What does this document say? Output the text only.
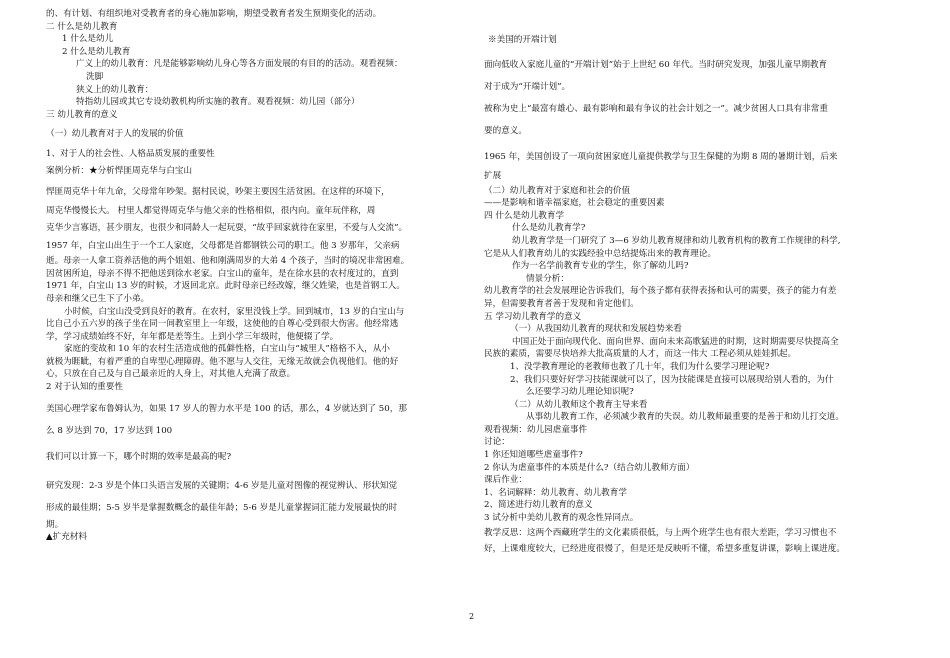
的、有计划、有组织地对受教育者的身心施加影响，期望受教育者发生预期变化的活动。
二 什么是幼儿教育
1 什么是幼儿
2 什么是幼儿教育
• 广义上的幼儿教育：凡是能够影响幼儿身心等各方面发展的有目的的活动。观看视频：
洗脚
• 狭义上的幼儿教育：
• 特指幼儿园或其它专设幼教机构所实施的教育。观看视频：幼儿园（部分）
三 幼儿教育的意义
• （一）幼儿教育对于人的发展的价值
1、对于人的社会性、人格品质发展的重要性
案例分析：★分析悍匪周克华与白宝山
• 悍匪周克华十年九命，父母常年吵架。据村民说，吵架主要因生活贫困。在这样的环境下，
周克华慢慢长大。 村里人都觉得周克华与他父亲的性格相似，很内向。童年玩伴称，周
克华少言寡语，甚少朋友，也很少和同龄人一起玩耍，“故乎回家就待在家里，不爱与人交流”。
• 1957 年，白宝山出生于一个工人家庭，父母都是首都钢铁公司的职工。他 3 岁那年，父亲病
逝。母亲一人拿工资养活他的两个姐姐、他和刚满周岁的大弟 4 个孩子，当时的境况非常困难。
因贫困所迫，母亲不得不把他送到徐水老家。白宝山的童年，是在徐水县的农村度过的，直到
1971 年，白宝山 13 岁的时候，才返回北京。此时母亲已经改嫁，继父姓梁，也是首钢工人。
母亲和继父已生下了小弟。
小时候，白宝山没受到良好的教育。在农村，家里没钱上学。回到城市，13 岁的白宝山与
比自己小五六岁的孩子坐在同一间教室里上一年级，这使他的自尊心受到很大伤害。他经常逃
学，学习成绩始终不好，年年都是差等生。上到小学三年级时，他便辍了学。
家庭的变故和 10 年的农村生活造成他的孤僻性格，白宝山与“城里人”格格不入，从小
就极为睚眦，有着严重的自卑型心理障碍。他不愿与人交往，无缘无故就会仇视他们。他的好
心，只放在自己及与自己最亲近的人身上，对其他人充满了敌意。
2 对于认知的重要性
• 美国心理学家布鲁姆认为，如果 17 岁人的智力水平是 100 的话，那么，4 岁就达到了 50，那
么 8 岁达到 70，17 岁达到 100
• 我们可以计算一下，哪个时期的效率是最高的呢?
• 研究发现：2-3 岁是个体口头语言发展的关键期；4-6 岁是儿童对图像的视觉辨认、形状知觉
形成的最佳期；5-5 岁半是掌握数概念的最佳年龄；5-6 岁是儿童掌握词汇能力发展最快的时
期。
▲扩充材料
•
※美国的开端计划
• 面向低收入家庭儿童的“开端计划”始于上世纪 60 年代。当时研究发现，加强儿童早期教育
对于成为“开端计划”。
• 被称为史上“最富有雄心、最有影响和最有争议的社会计划之一”。减少贫困人口具有非常重
要的意义。
• 1965 年，美国创设了一项向贫困家庭儿童提供教学与卫生保健的为期 8 周的暑期计划，后来
扩展
（二）幼儿教育对于家庭和社会的价值
——是影响和谐幸福家庭，社会稳定的重要因素
四 什么是幼儿教育学
什么是幼儿教育学?
幼儿教育学是一门研究了 3—6 岁幼儿教育规律和幼儿教育机构的教育工作规律的科学,
它是从人们教育幼儿的实践经验中总结提炼出来的教育理论。
作为一名学前教育专业的学生，你了解幼儿吗?
情景分析：
幼儿教育学的社会发展理论告诉我们，每个孩子都有获得表扬和认可的需要，孩子的能力有差
异，但需要教育者善于发现和肯定他们。
五 学习幼儿教育学的意义
• （一）从我国幼儿教育的现状和发展趋势来看
中国正处于面向现代化、面向世界、面向未来高歌猛进的时期，这时期需要尽快提高全
民族的素质，需要尽快培养大批高质量的人才，而这一伟大 工程必须从娃娃抓起。
• 1、没学教育理论的老教师也教了几十年，我们为什么要学习理论呢?
• 2、我们只要好好学习技能课就可以了，因为技能课是直接可以展现给别人看的，为什
么还要学习幼儿理论知识呢?
• （二）从幼儿教师这个教育主导来看
从事幼儿教育工作，必须减少教育的失误。幼儿教师最重要的是善于和幼儿打交道。
观看视频：幼儿园虐童事件
讨论：
1 你还知道哪些虐童事件?
2 你认为虐童事件的本质是什么?（结合幼儿教师方面）
课后作业：
1、名词解释：幼儿教育、幼儿教育学
2、简述进行幼儿教育的意义
3 试分析中美幼儿教育的观念性异同点。
教学反思：这两个西藏班学生的文化素质很低，与上两个班学生也有很大差距，学习习惯也不
好，上课难度较大，已经进度很慢了，但是还是反映听不懂，希望多重复讲课，影响上课进度。
2
